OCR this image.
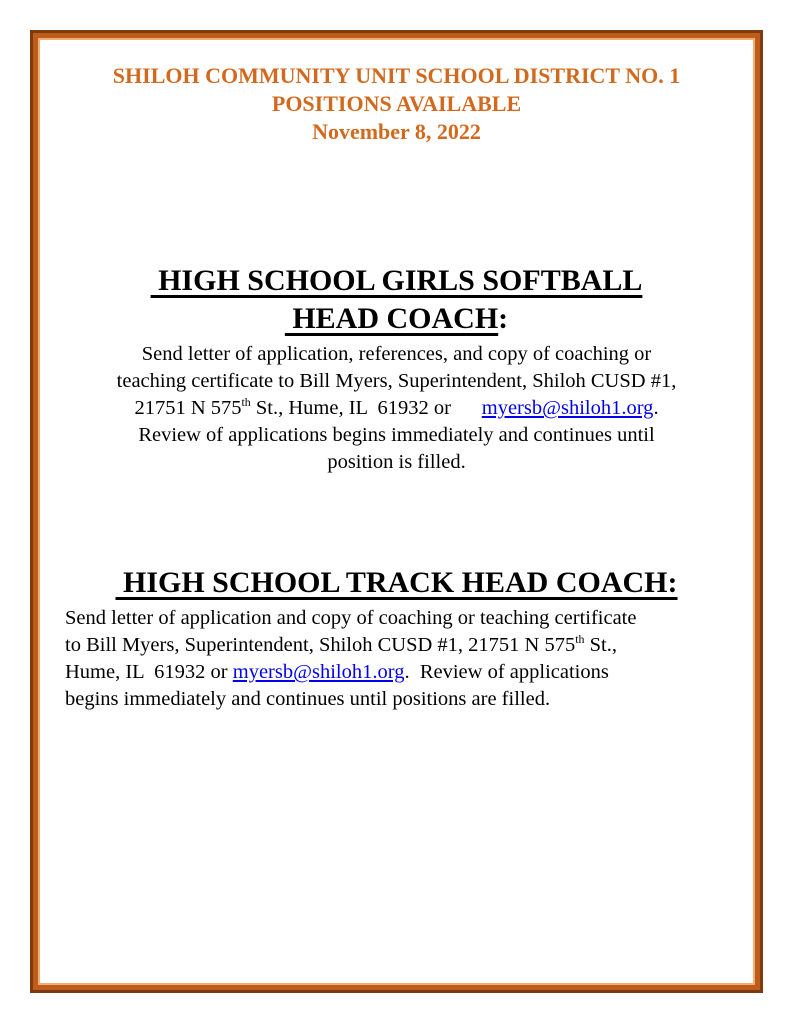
SHILOH COMMUNITY UNIT SCHOOL DISTRICT NO. 1
POSITIONS AVAILABLE
November 8, 2022
HIGH SCHOOL GIRLS SOFTBALL
HEAD COACH:
Send letter of application, references, and copy of coaching or
teaching certificate to Bill Myers, Superintendent, Shiloh CUSD #1,
21751 N 575th St., Hume, IL  61932 or      myersb@shiloh1.org.
Review of applications begins immediately and continues until
position is filled.
HIGH SCHOOL TRACK HEAD COACH:
Send letter of application and copy of coaching or teaching certificate
to Bill Myers, Superintendent, Shiloh CUSD #1, 21751 N 575th St.,
Hume, IL  61932 or myersb@shiloh1.org.  Review of applications
begins immediately and continues until positions are filled.
